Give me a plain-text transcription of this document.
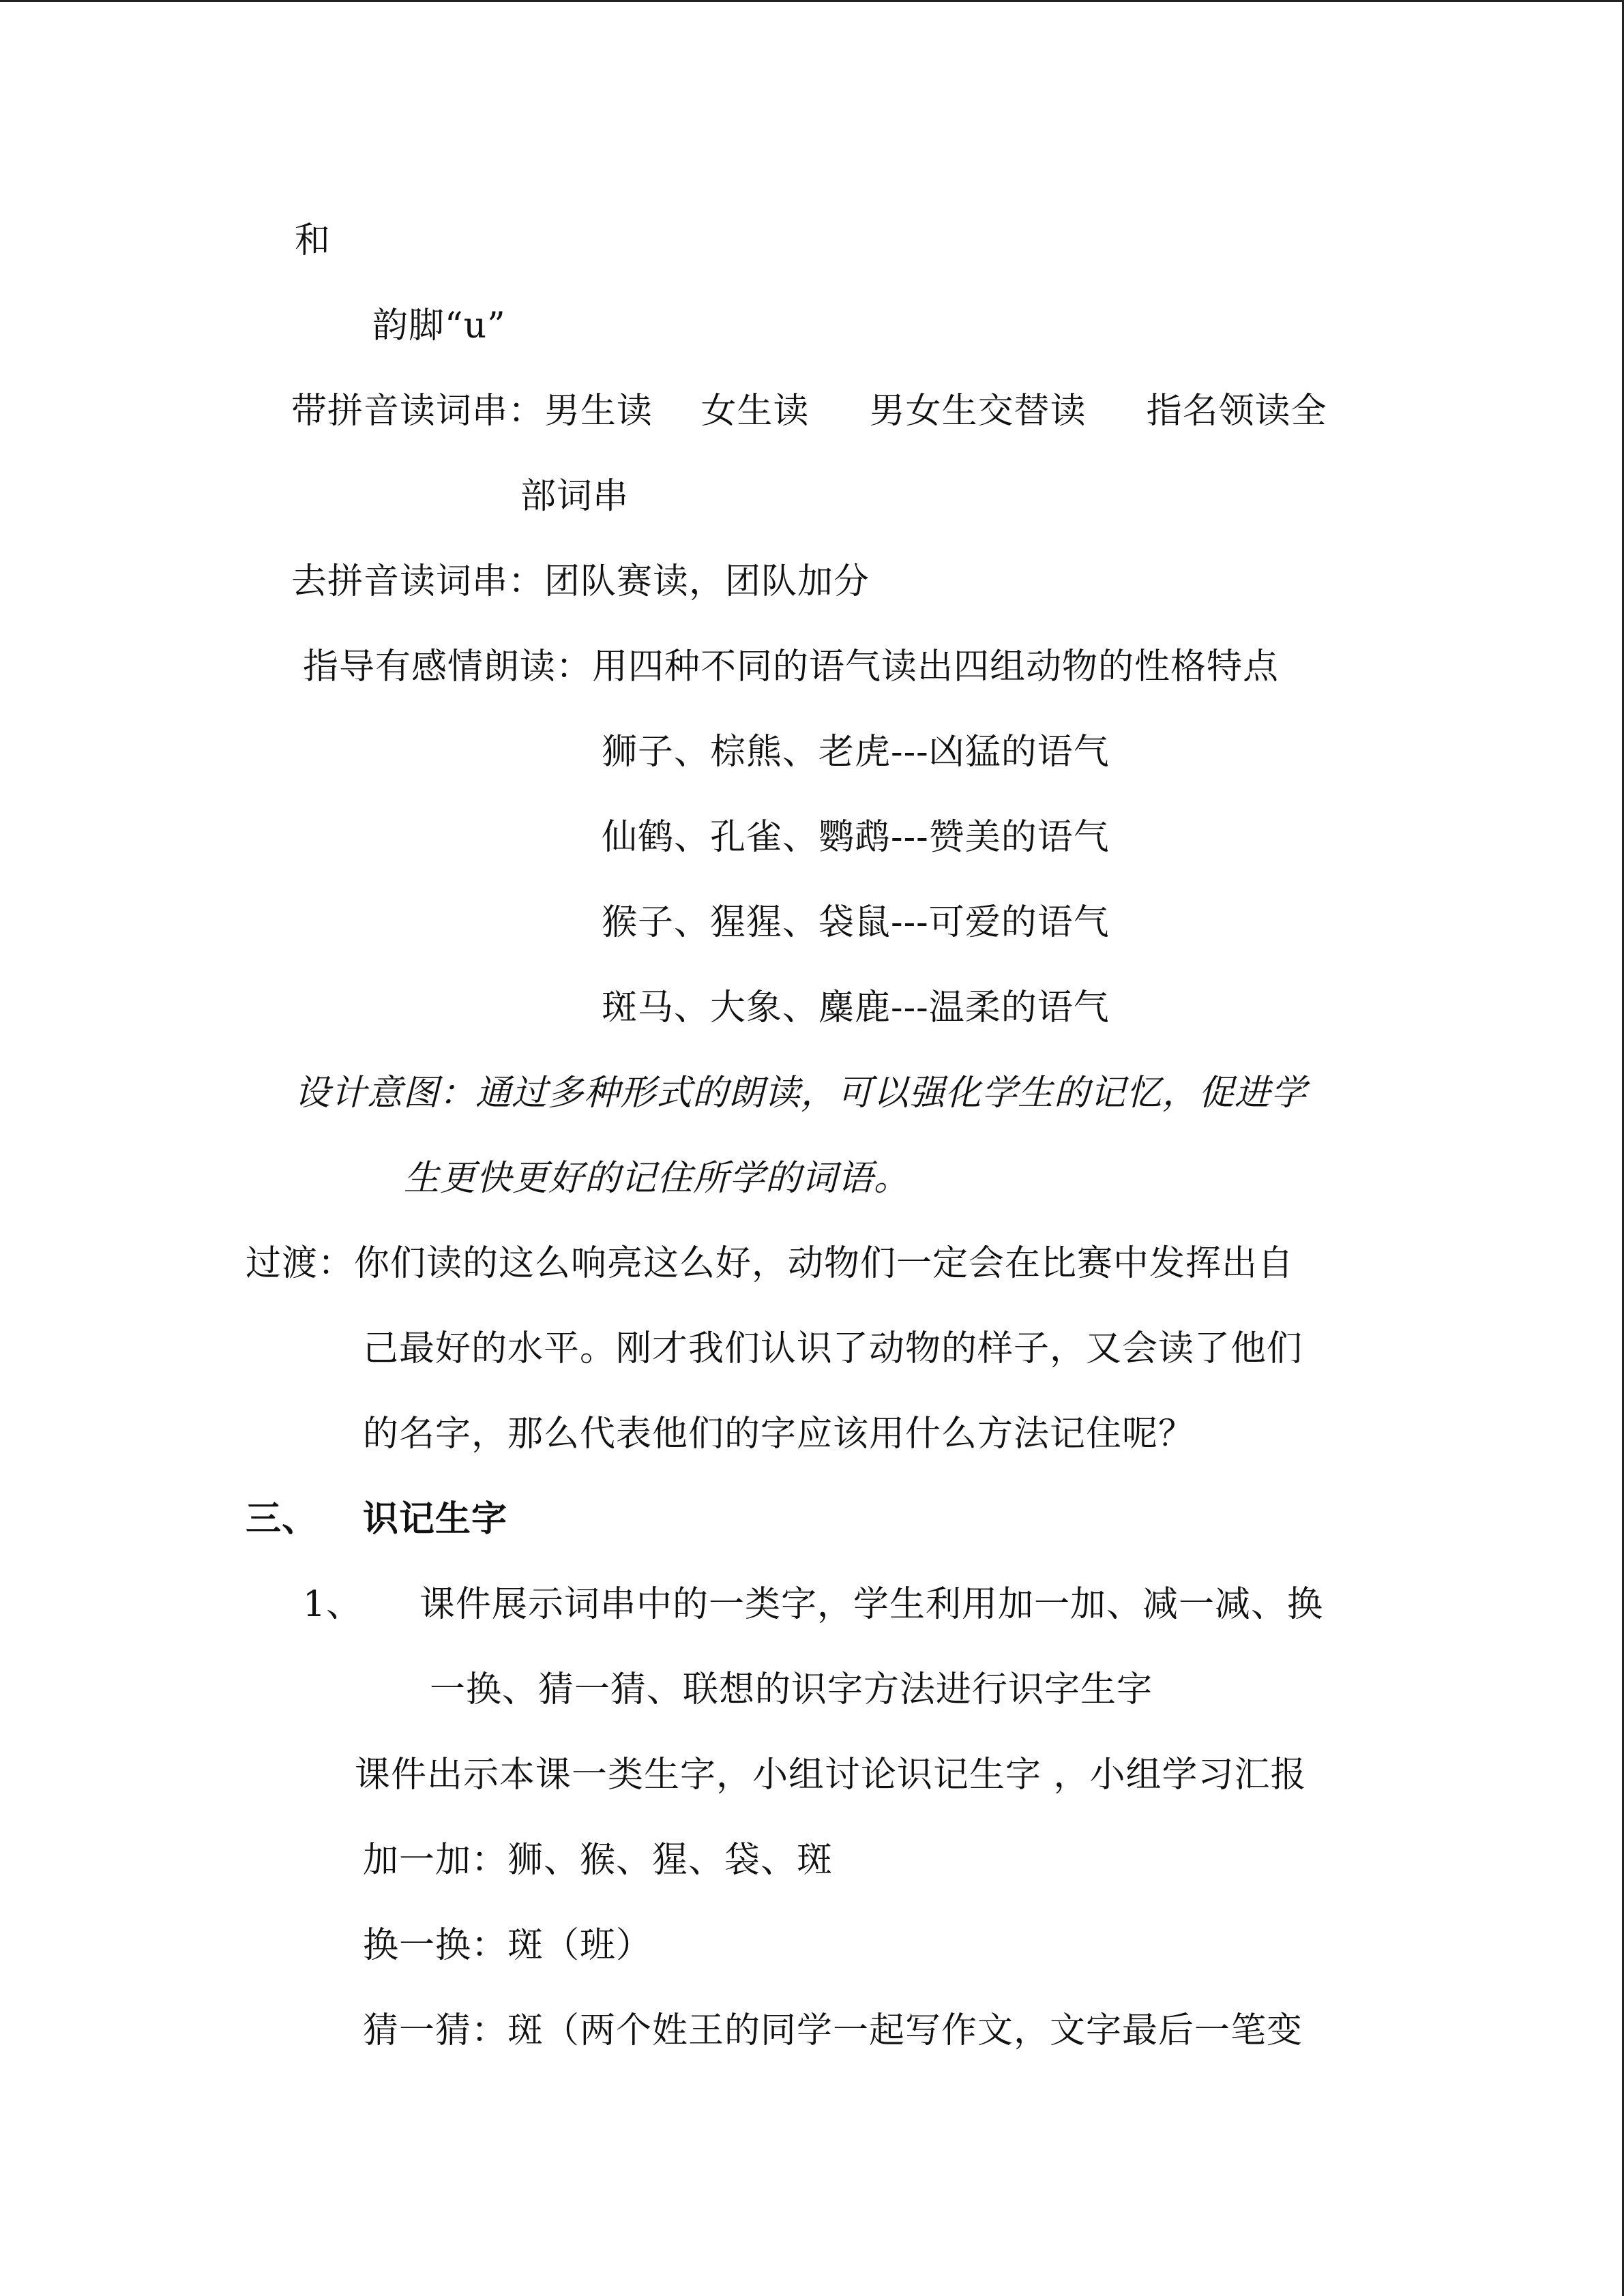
和
韵脚“u”
带拼音读词串：男生读　 女生读　  男女生交替读　  指名领读全
部词串
去拼音读词串：团队赛读，团队加分
指导有感情朗读：用四种不同的语气读出四组动物的性格特点
狮子、棕熊、老虎---凶猛的语气
仙鹤、孔雀、鹦鹉---赞美的语气
猴子、猩猩、袋鼠---可爱的语气
斑马、大象、麋鹿---温柔的语气
设计意图：通过多种形式的朗读，可以强化学生的记忆，促进学
生更快更好的记住所学的词语。
过渡：你们读的这么响亮这么好，动物们一定会在比赛中发挥出自
己最好的水平。刚才我们认识了动物的样子，又会读了他们
的名字，那么代表他们的字应该用什么方法记住呢？
三、 识记生字
1、 课件展示词串中的一类字，学生利用加一加、减一减、换
一换、猜一猜、联想的识字方法进行识字生字
课件出示本课一类生字，小组讨论识记生字 ，小组学习汇报
加一加：狮、猴、猩、袋、斑
换一换：斑（班）
猜一猜：斑（两个姓王的同学一起写作文，文字最后一笔变
